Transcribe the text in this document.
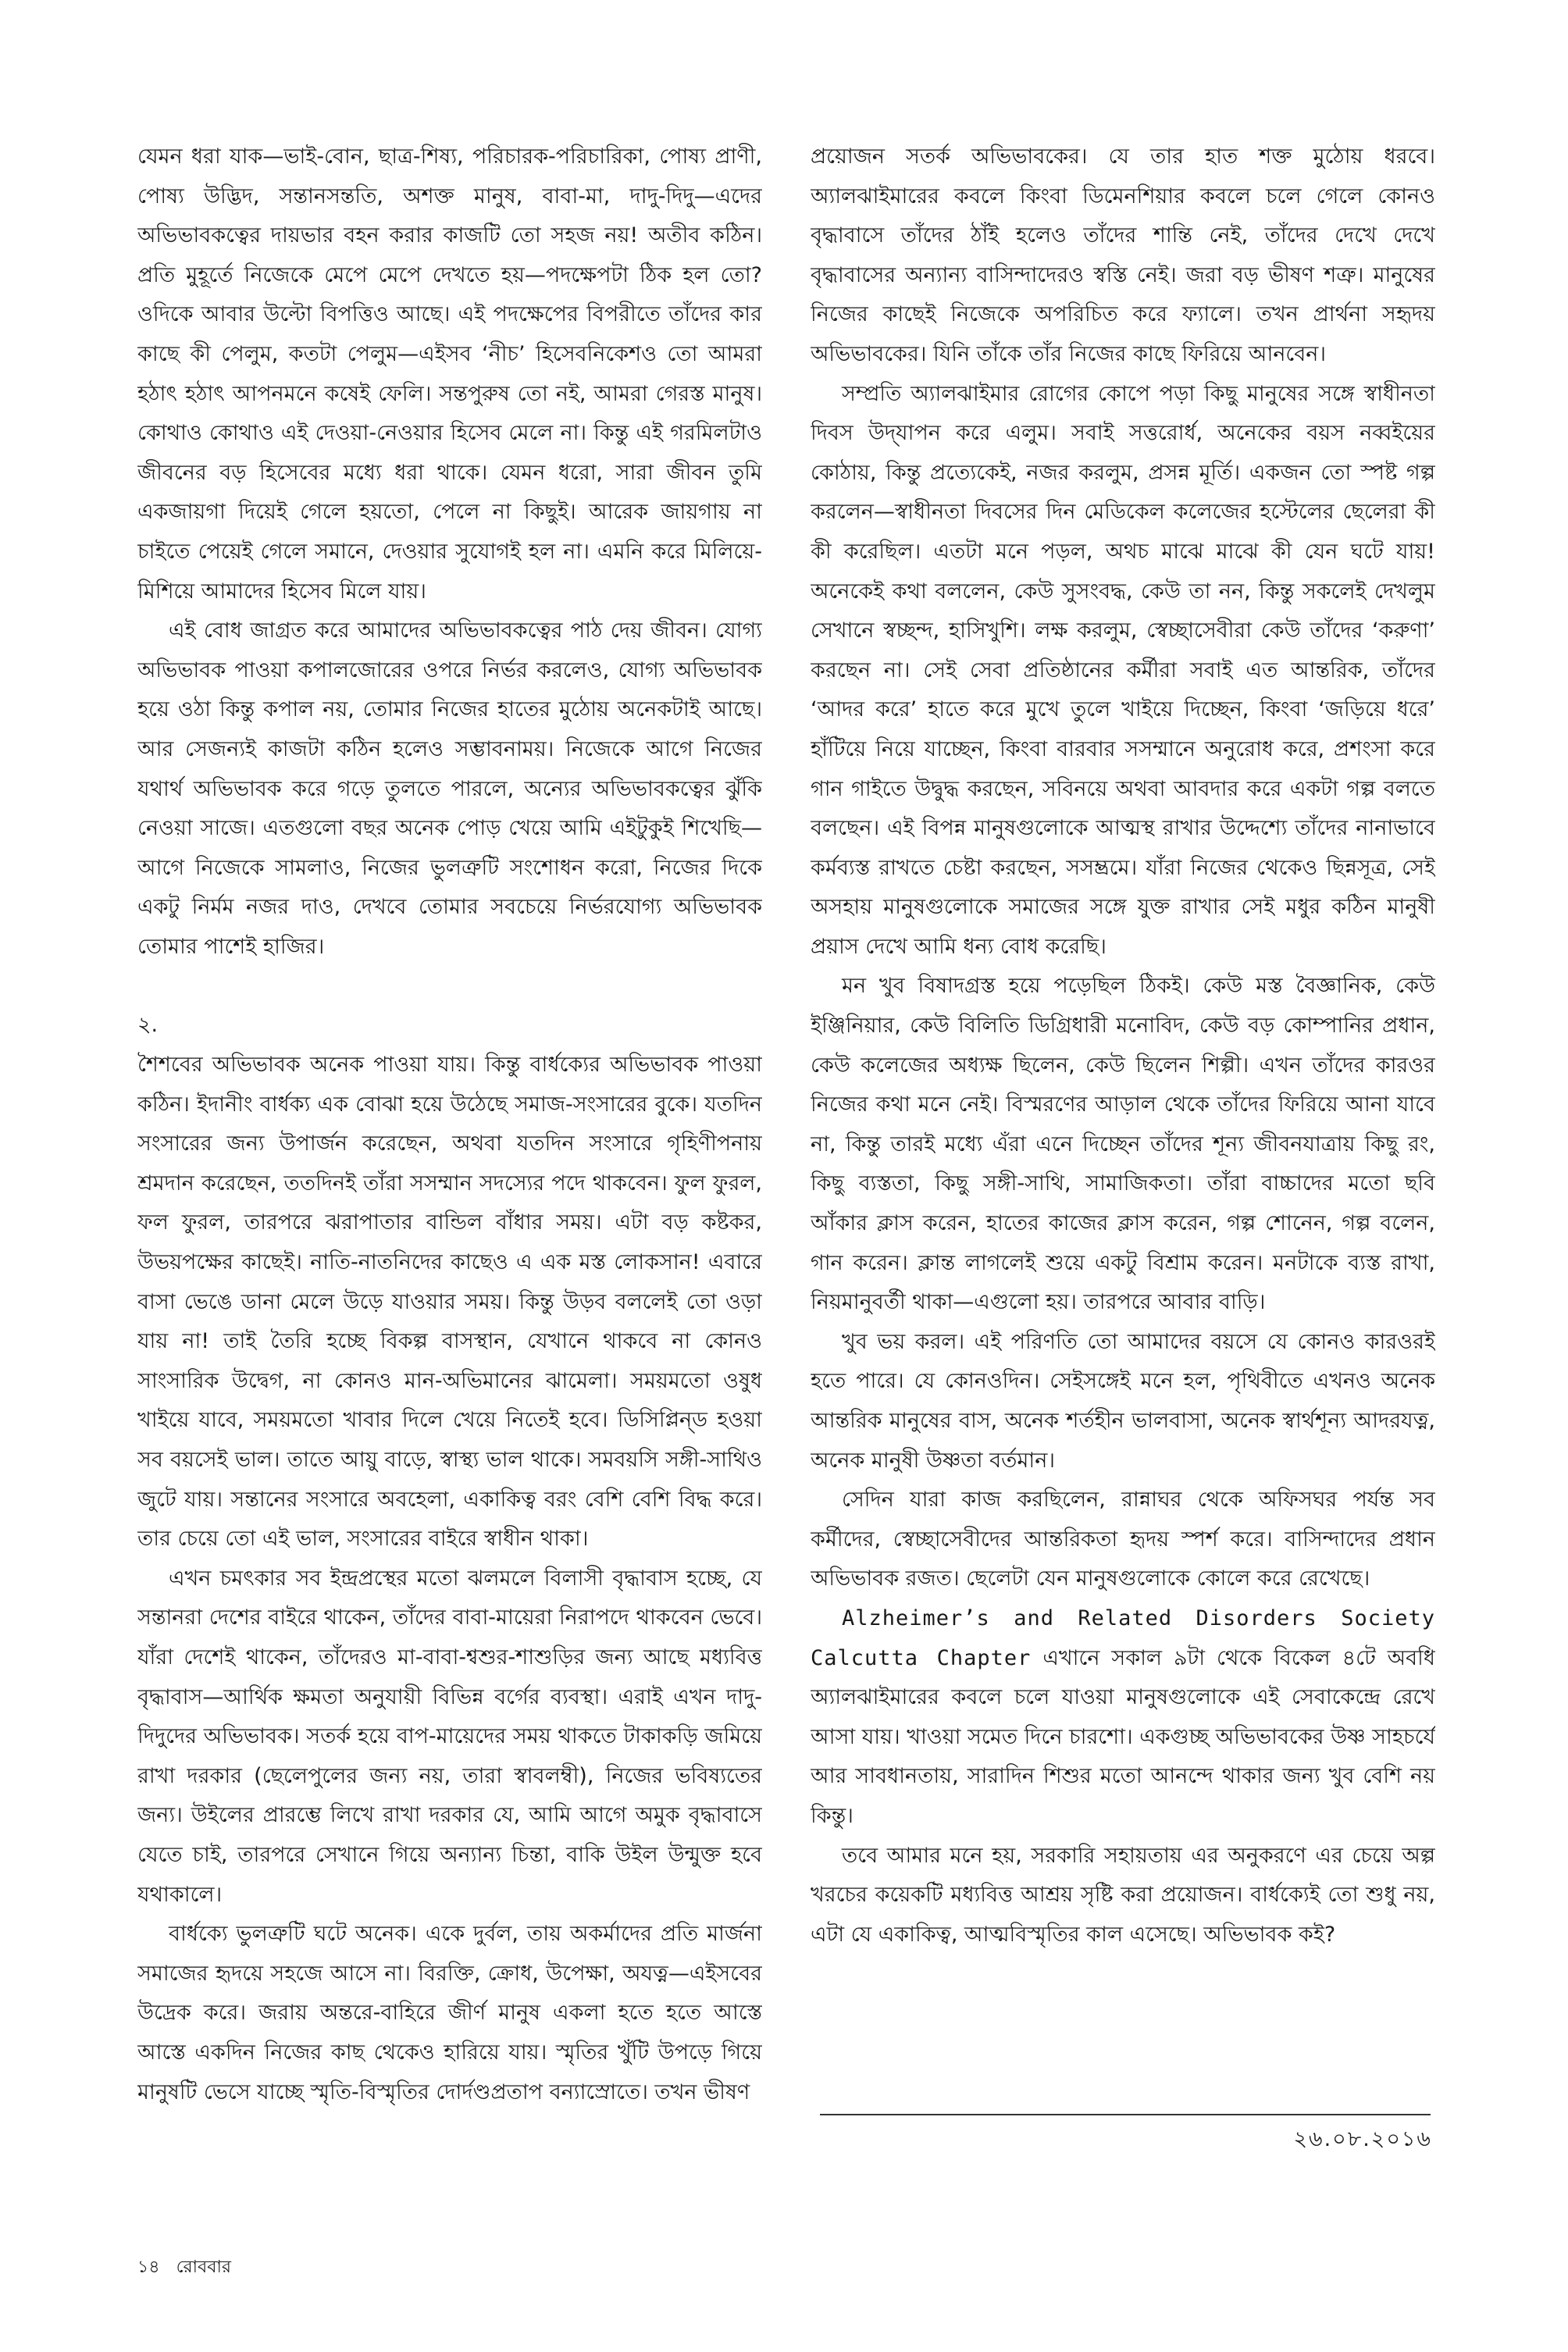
যেমন ধরা যাক—ভাই-বোন, ছাত্র-শিষ্য, পরিচারক-পরিচারিকা, পোষ্য প্রাণী, পোষ্য উদ্ভিদ, সন্তানসন্ততি, অশক্ত মানুষ, বাবা-মা, দাদু-দিদু—এদের অভিভাবকত্বের দায়ভার বহন করার কাজটি তো সহজ নয়! অতীব কঠিন। প্রতি মুহূর্তে নিজেকে মেপে মেপে দেখতে হয়—পদক্ষেপটা ঠিক হল তো? ওদিকে আবার উল্টো বিপত্তিও আছে। এই পদক্ষেপের বিপরীতে তাঁদের কার কাছে কী পেলুম, কতটা পেলুম—এইসব ‘নীচ’ হিসেবনিকেশও তো আমরা হঠাৎ হঠাৎ আপনমনে কষেই ফেলি। সন্তপুরুষ তো নই, আমরা গেরস্ত মানুষ। কোথাও কোথাও এই দেওয়া-নেওয়ার হিসেব মেলে না। কিন্তু এই গরমিলটাও জীবনের বড় হিসেবের মধ্যে ধরা থাকে। যেমন ধরো, সারা জীবন তুমি একজায়গা দিয়েই গেলে হয়তো, পেলে না কিছুই। আরেক জায়গায় না চাইতে পেয়েই গেলে সমানে, দেওয়ার সুযোগই হল না। এমনি করে মিলিয়ে-মিশিয়ে আমাদের হিসেব মিলে যায়।

এই বোধ জাগ্রত করে আমাদের অভিভাবকত্বের পাঠ দেয় জীবন। যোগ্য অভিভাবক পাওয়া কপালজোরের ওপরে নির্ভর করলেও, যোগ্য অভিভাবক হয়ে ওঠা কিন্তু কপাল নয়, তোমার নিজের হাতের মুঠোয় অনেকটাই আছে। আর সেজন্যই কাজটা কঠিন হলেও সম্ভাবনাময়। নিজেকে আগে নিজের যথার্থ অভিভাবক করে গড়ে তুলতে পারলে, অন্যের অভিভাবকত্বের ঝুঁকি নেওয়া সাজে। এতগুলো বছর অনেক পোড় খেয়ে আমি এইটুকুই শিখেছি—আগে নিজেকে সামলাও, নিজের ভুলত্রুটি সংশোধন করো, নিজের দিকে একটু নির্মম নজর দাও, দেখবে তোমার সবচেয়ে নির্ভরযোগ্য অভিভাবক তোমার পাশেই হাজির।

২.

শৈশবের অভিভাবক অনেক পাওয়া যায়। কিন্তু বার্ধক্যের অভিভাবক পাওয়া কঠিন। ইদানীং বার্ধক্য এক বোঝা হয়ে উঠেছে সমাজ-সংসারের বুকে। যতদিন সংসারের জন্য উপার্জন করেছেন, অথবা যতদিন সংসারে গৃহিণীপনায় শ্রমদান করেছেন, ততদিনই তাঁরা সসম্মান সদস্যের পদে থাকবেন। ফুল ফুরল, ফল ফুরল, তারপরে ঝরাপাতার বান্ডিল বাঁধার সময়। এটা বড় কষ্টকর, উভয়পক্ষের কাছেই। নাতি-নাতনিদের কাছেও এ এক মস্ত লোকসান! এবারে বাসা ভেঙে ডানা মেলে উড়ে যাওয়ার সময়। কিন্তু উড়ব বললেই তো ওড়া যায় না! তাই তৈরি হচ্ছে বিকল্প বাসস্থান, যেখানে থাকবে না কোনও সাংসারিক উদ্বেগ, না কোনও মান-অভিমানের ঝামেলা। সময়মতো ওষুধ খাইয়ে যাবে, সময়মতো খাবার দিলে খেয়ে নিতেই হবে। ডিসিপ্লিন্‌ড হওয়া সব বয়সেই ভাল। তাতে আয়ু বাড়ে, স্বাস্থ্য ভাল থাকে। সমবয়সি সঙ্গী-সাথিও জুটে যায়। সন্তানের সংসারে অবহেলা, একাকিত্ব বরং বেশি বেশি বিদ্ধ করে। তার চেয়ে তো এই ভাল, সংসারের বাইরে স্বাধীন থাকা।

এখন চমৎকার সব ইন্দ্রপ্রস্থের মতো ঝলমলে বিলাসী বৃদ্ধাবাস হচ্ছে, যে সন্তানরা দেশের বাইরে থাকেন, তাঁদের বাবা-মায়েরা নিরাপদে থাকবেন ভেবে। যাঁরা দেশেই থাকেন, তাঁদেরও মা-বাবা-শ্বশুর-শাশুড়ির জন্য আছে মধ্যবিত্ত বৃদ্ধাবাস—আর্থিক ক্ষমতা অনুযায়ী বিভিন্ন বর্গের ব্যবস্থা। এরাই এখন দাদু-দিদুদের অভিভাবক। সতর্ক হয়ে বাপ-মায়েদের সময় থাকতে টাকাকড়ি জমিয়ে রাখা দরকার (ছেলেপুলের জন্য নয়, তারা স্বাবলম্বী), নিজের ভবিষ্যতের জন্য। উইলের প্রারম্ভে লিখে রাখা দরকার যে, আমি আগে অমুক বৃদ্ধাবাসে যেতে চাই, তারপরে সেখানে গিয়ে অন্যান্য চিন্তা, বাকি উইল উন্মুক্ত হবে যথাকালে।

বার্ধক্যে ভুলত্রুটি ঘটে অনেক। একে দুর্বল, তায় অকর্মাদের প্রতি মার্জনা সমাজের হৃদয়ে সহজে আসে না। বিরক্তি, ক্রোধ, উপেক্ষা, অযত্ন—এইসবের উদ্রেক করে। জরায় অন্তরে-বাহিরে জীর্ণ মানুষ একলা হতে হতে আস্তে আস্তে একদিন নিজের কাছ থেকেও হারিয়ে যায়। স্মৃতির খুঁটি উপড়ে গিয়ে মানুষটি ভেসে যাচ্ছে স্মৃতি-বিস্মৃতির দোর্দণ্ডপ্রতাপ বন্যাস্রোতে। তখন ভীষণ

প্রয়োজন সতর্ক অভিভাবকের। যে তার হাত শক্ত মুঠোয় ধরবে। অ্যালঝাইমারের কবলে কিংবা ডিমেনশিয়ার কবলে চলে গেলে কোনও বৃদ্ধাবাসে তাঁদের ঠাঁই হলেও তাঁদের শান্তি নেই, তাঁদের দেখে দেখে বৃদ্ধাবাসের অন্যান্য বাসিন্দাদেরও স্বস্তি নেই। জরা বড় ভীষণ শত্রু। মানুষের নিজের কাছেই নিজেকে অপরিচিত করে ফ্যালে। তখন প্রার্থনা সহৃদয় অভিভাবকের। যিনি তাঁকে তাঁর নিজের কাছে ফিরিয়ে আনবেন।

সম্প্রতি অ্যালঝাইমার রোগের কোপে পড়া কিছু মানুষের সঙ্গে স্বাধীনতা দিবস উদ্‌যাপন করে এলুম। সবাই সত্তরোর্ধ, অনেকের বয়স নব্বইয়ের কোঠায়, কিন্তু প্রত্যেকেই, নজর করলুম, প্রসন্ন মূর্তি। একজন তো স্পষ্ট গল্প করলেন—স্বাধীনতা দিবসের দিন মেডিকেল কলেজের হস্টেলের ছেলেরা কী কী করেছিল। এতটা মনে পড়ল, অথচ মাঝে মাঝে কী যেন ঘটে যায়! অনেকেই কথা বললেন, কেউ সুসংবদ্ধ, কেউ তা নন, কিন্তু সকলেই দেখলুম সেখানে স্বচ্ছন্দ, হাসিখুশি। লক্ষ করলুম, স্বেচ্ছাসেবীরা কেউ তাঁদের ‘করুণা’ করছেন না। সেই সেবা প্রতিষ্ঠানের কর্মীরা সবাই এত আন্তরিক, তাঁদের ‘আদর করে’ হাতে করে মুখে তুলে খাইয়ে দিচ্ছেন, কিংবা ‘জড়িয়ে ধরে’ হাঁটিয়ে নিয়ে যাচ্ছেন, কিংবা বারবার সসম্মানে অনুরোধ করে, প্রশংসা করে গান গাইতে উদ্বুদ্ধ করছেন, সবিনয়ে অথবা আবদার করে একটা গল্প বলতে বলছেন। এই বিপন্ন মানুষগুলোকে আত্মস্থ রাখার উদ্দেশ্যে তাঁদের নানাভাবে কর্মব্যস্ত রাখতে চেষ্টা করছেন, সসম্ভ্রমে। যাঁরা নিজের থেকেও ছিন্নসূত্র, সেই অসহায় মানুষগুলোকে সমাজের সঙ্গে যুক্ত রাখার সেই মধুর কঠিন মানুষী প্রয়াস দেখে আমি ধন্য বোধ করেছি।

মন খুব বিষাদগ্রস্ত হয়ে পড়েছিল ঠিকই। কেউ মস্ত বৈজ্ঞানিক, কেউ ইঞ্জিনিয়ার, কেউ বিলিতি ডিগ্রিধারী মনোবিদ, কেউ বড় কোম্পানির প্রধান, কেউ কলেজের অধ্যক্ষ ছিলেন, কেউ ছিলেন শিল্পী। এখন তাঁদের কারওর নিজের কথা মনে নেই। বিস্মরণের আড়াল থেকে তাঁদের ফিরিয়ে আনা যাবে না, কিন্তু তারই মধ্যে এঁরা এনে দিচ্ছেন তাঁদের শূন্য জীবনযাত্রায় কিছু রং, কিছু ব্যস্ততা, কিছু সঙ্গী-সাথি, সামাজিকতা। তাঁরা বাচ্চাদের মতো ছবি আঁকার ক্লাস করেন, হাতের কাজের ক্লাস করেন, গল্প শোনেন, গল্প বলেন, গান করেন। ক্লান্ত লাগলেই শুয়ে একটু বিশ্রাম করেন। মনটাকে ব্যস্ত রাখা, নিয়মানুবর্তী থাকা—এগুলো হয়। তারপরে আবার বাড়ি।

খুব ভয় করল। এই পরিণতি তো আমাদের বয়সে যে কোনও কারওরই হতে পারে। যে কোনওদিন। সেইসঙ্গেই মনে হল, পৃথিবীতে এখনও অনেক আন্তরিক মানুষের বাস, অনেক শর্তহীন ভালবাসা, অনেক স্বার্থশূন্য আদরযত্ন, অনেক মানুষী উষ্ণতা বর্তমান।

সেদিন যারা কাজ করছিলেন, রান্নাঘর থেকে অফিসঘর পর্যন্ত সব কর্মীদের, স্বেচ্ছাসেবীদের আন্তরিকতা হৃদয় স্পর্শ করে। বাসিন্দাদের প্রধান অভিভাবক রজত। ছেলেটা যেন মানুষগুলোকে কোলে করে রেখেছে।

Alzheimer’s and Related Disorders Society Calcutta Chapter এখানে সকাল ৯টা থেকে বিকেল ৪টে অবধি অ্যালঝাইমারের কবলে চলে যাওয়া মানুষগুলোকে এই সেবাকেন্দ্রে রেখে আসা যায়। খাওয়া সমেত দিনে চারশো। একগুচ্ছ অভিভাবকের উষ্ণ সাহচর্যে আর সাবধানতায়, সারাদিন শিশুর মতো আনন্দে থাকার জন্য খুব বেশি নয় কিন্তু।

তবে আমার মনে হয়, সরকারি সহায়তায় এর অনুকরণে এর চেয়ে অল্প খরচের কয়েকটি মধ্যবিত্ত আশ্রয় সৃষ্টি করা প্রয়োজন। বার্ধক্যেই তো শুধু নয়, এটা যে একাকিত্ব, আত্মবিস্মৃতির কাল এসেছে। অভিভাবক কই?

২৬.০৮.২০১৬
১৪ রোববার
